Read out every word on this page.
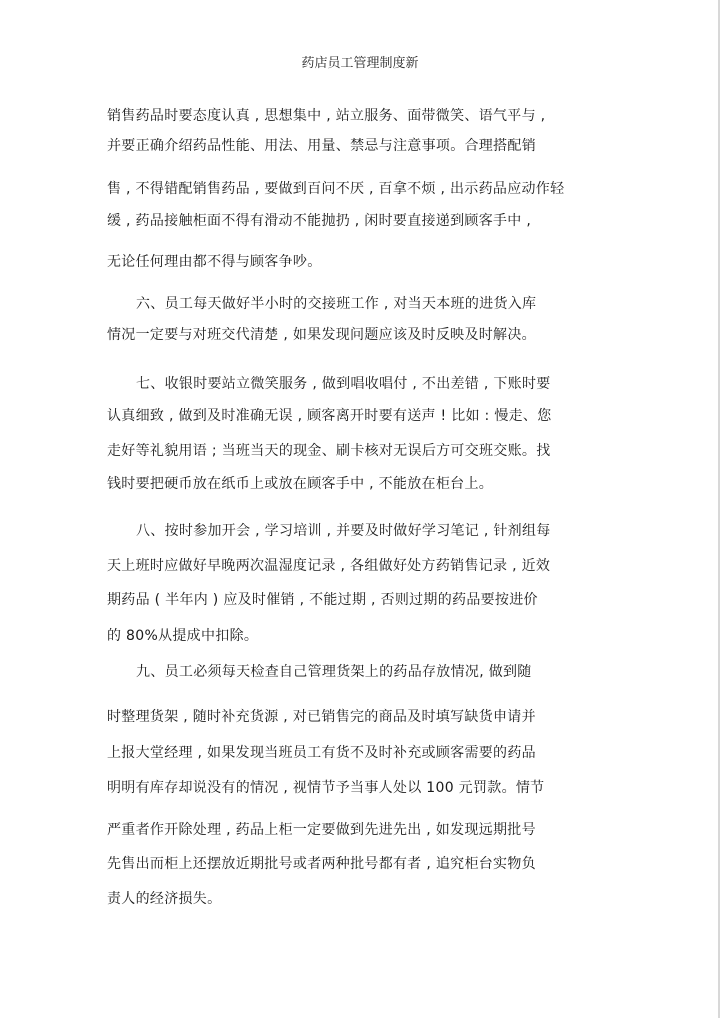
药店员工管理制度新
销售药品时要态度认真 , 思想集中 , 站立服务、面带微笑、语气平与 ,
并要正确介绍药品性能、用法、用量、禁忌与注意事项。合理搭配销
售 , 不得错配销售药品 , 要做到百问不厌 , 百拿不烦 , 出示药品应动作轻
缓 , 药品接触柜面不得有滑动不能抛扔 , 闲时要直接递到顾客手中 ,
无论任何理由都不得与顾客争吵。
六、员工每天做好半小时的交接班工作 , 对当天本班的进货入库
情况一定要与对班交代清楚 , 如果发现问题应该及时反映及时解决。
七、收银时要站立微笑服务 , 做到唱收唱付 , 不出差错 , 下账时要
认真细致 , 做到及时准确无误 , 顾客离开时要有送声 ! 比如 : 慢走、您
走好等礼貌用语 ; 当班当天的现金、刷卡核对无误后方可交班交账。找
钱时要把硬币放在纸币上或放在顾客手中 , 不能放在柜台上。
八、按时参加开会 , 学习培训 , 并要及时做好学习笔记 , 针剂组每
天上班时应做好早晚两次温湿度记录 , 各组做好处方药销售记录 , 近效
期药品 ( 半年内 ) 应及时催销 , 不能过期 , 否则过期的药品要按进价
的 80%从提成中扣除。
九、员工必须每天检查自己管理货架上的药品存放情况, 做到随
时整理货架 , 随时补充货源 , 对已销售完的商品及时填写缺货申请并
上报大堂经理 , 如果发现当班员工有货不及时补充或顾客需要的药品
明明有库存却说没有的情况 , 视情节予当事人处以 100 元罚款。情节
严重者作开除处理 , 药品上柜一定要做到先进先出 , 如发现远期批号
先售出而柜上还摆放近期批号或者两种批号都有者 , 追究柜台实物负
责人的经济损失。
